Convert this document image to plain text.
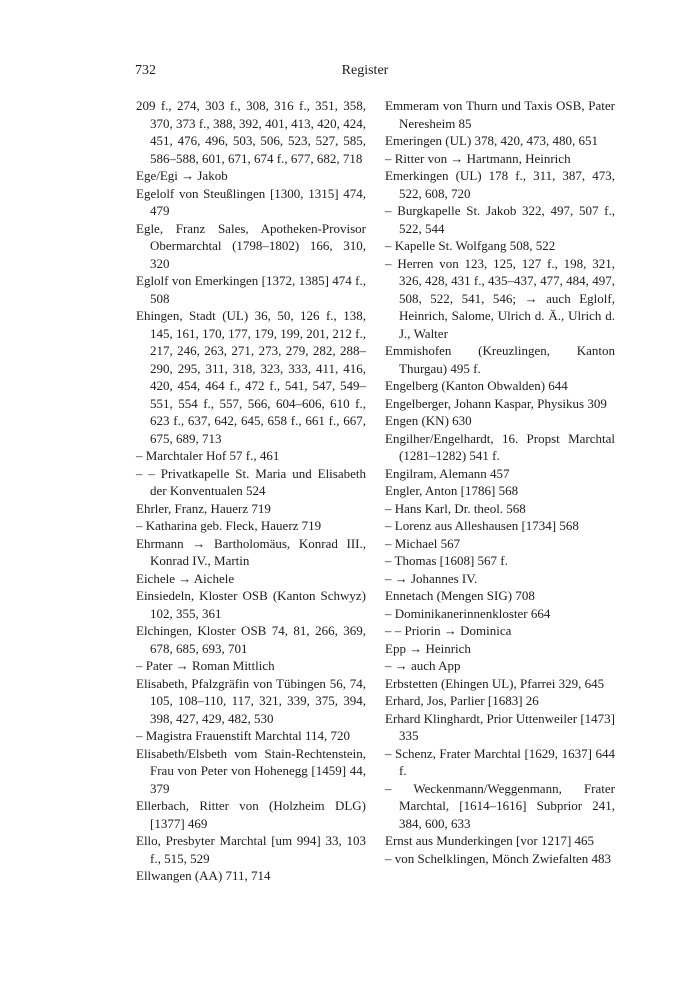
732	Register

209 f., 274, 303 f., 308, 316 f., 351, 358, 370, 373 f., 388, 392, 401, 413, 420, 424, 451, 476, 496, 503, 506, 523, 527, 585, 586–588, 601, 671, 674 f., 677, 682, 718

Ege/Egi → Jakob

Egelolf von Steußlingen [1300, 1315] 474, 479

Egle, Franz Sales, Apotheken-Provisor Obermarchtal (1798–1802) 166, 310, 320

Eglolf von Emerkingen [1372, 1385] 474 f., 508

Ehingen, Stadt (UL) 36, 50, 126 f., 138, 145, 161, 170, 177, 179, 199, 201, 212 f., 217, 246, 263, 271, 273, 279, 282, 288–290, 295, 311, 318, 323, 333, 411, 416, 420, 454, 464 f., 472 f., 541, 547, 549–551, 554 f., 557, 566, 604–606, 610 f., 623 f., 637, 642, 645, 658 f., 661 f., 667, 675, 689, 713

– Marchtaler Hof 57 f., 461

– – Privatkapelle St. Maria und Elisabeth der Konventualen 524

Ehrler, Franz, Hauerz 719

– Katharina geb. Fleck, Hauerz 719

Ehrmann → Bartholomäus, Konrad III., Konrad IV., Martin

Eichele → Aichele

Einsiedeln, Kloster OSB (Kanton Schwyz) 102, 355, 361

Elchingen, Kloster OSB 74, 81, 266, 369, 678, 685, 693, 701

– Pater → Roman Mittlich

Elisabeth, Pfalzgräfin von Tübingen 56, 74, 105, 108–110, 117, 321, 339, 375, 394, 398, 427, 429, 482, 530

– Magistra Frauenstift Marchtal 114, 720

Elisabeth/Elsbeth vom Stain-Rechtenstein, Frau von Peter von Hohenegg [1459] 44, 379

Ellerbach, Ritter von (Holzheim DLG) [1377] 469

Ello, Presbyter Marchtal [um 994] 33, 103 f., 515, 529

Ellwangen (AA) 711, 714

Emmeram von Thurn und Taxis OSB, Pater Neresheim 85

Emeringen (UL) 378, 420, 473, 480, 651

– Ritter von → Hartmann, Heinrich

Emerkingen (UL) 178 f., 311, 387, 473, 522, 608, 720

– Burgkapelle St. Jakob 322, 497, 507 f., 522, 544

– Kapelle St. Wolfgang 508, 522

– Herren von 123, 125, 127 f., 198, 321, 326, 428, 431 f., 435–437, 477, 484, 497, 508, 522, 541, 546; → auch Eglolf, Heinrich, Salome, Ulrich d. Ä., Ulrich d. J., Walter

Emmishofen (Kreuzlingen, Kanton Thurgau) 495 f.

Engelberg (Kanton Obwalden) 644

Engelberger, Johann Kaspar, Physikus 309

Engen (KN) 630

Engilher/Engelhardt, 16. Propst Marchtal (1281–1282) 541 f.

Engilram, Alemann 457

Engler, Anton [1786] 568

– Hans Karl, Dr. theol. 568

– Lorenz aus Alleshausen [1734] 568

– Michael 567

– Thomas [1608] 567 f.

– → Johannes IV.

Ennetach (Mengen SIG) 708

– Dominikanerinnenkloster 664

– – Priorin → Dominica

Epp → Heinrich

– → auch App

Erbstetten (Ehingen UL), Pfarrei 329, 645

Erhard, Jos, Parlier [1683] 26

Erhard Klinghardt, Prior Uttenweiler [1473] 335

– Schenz, Frater Marchtal [1629, 1637] 644 f.

– Weckenmann/Weggenmann, Frater Marchtal, [1614–1616] Subprior 241, 384, 600, 633

Ernst aus Munderkingen [vor 1217] 465

– von Schelklingen, Mönch Zwiefalten 483
